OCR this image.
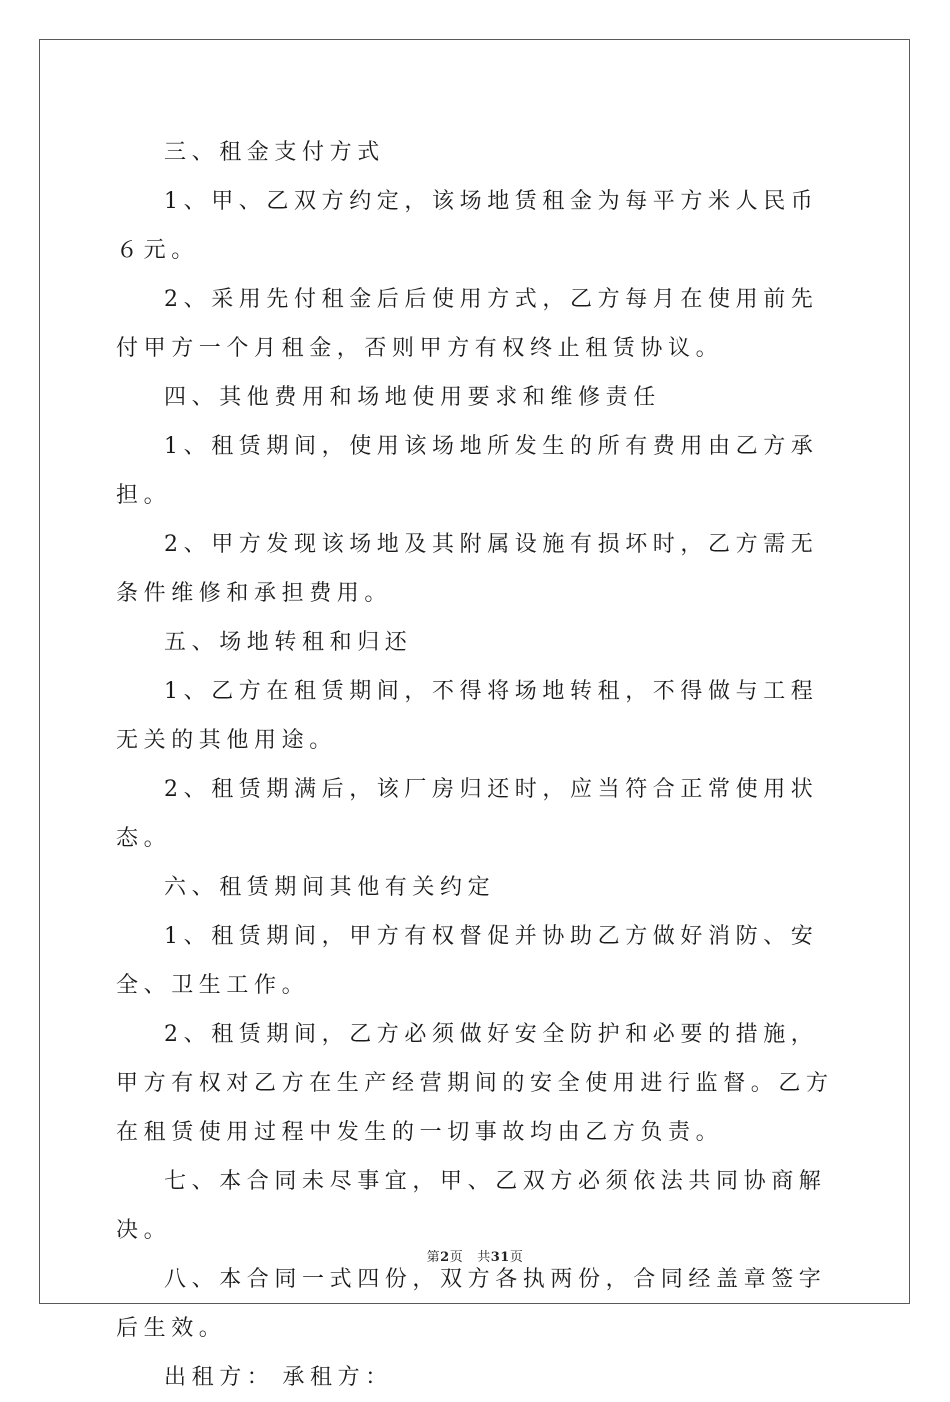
三、租金支付方式

1、甲、乙双方约定，该场地赁租金为每平方米人民币６元。

2、采用先付租金后后使用方式，乙方每月在使用前先付甲方一个月租金，否则甲方有权终止租赁协议。

四、其他费用和场地使用要求和维修责任

1、租赁期间，使用该场地所发生的所有费用由乙方承担。

2、甲方发现该场地及其附属设施有损坏时，乙方需无条件维修和承担费用。

五、场地转租和归还

1、乙方在租赁期间，不得将场地转租，不得做与工程无关的其他用途。

2、租赁期满后，该厂房归还时，应当符合正常使用状态。

六、租赁期间其他有关约定

1、租赁期间，甲方有权督促并协助乙方做好消防、安全、卫生工作。

2、租赁期间，乙方必须做好安全防护和必要的措施，甲方有权对乙方在生产经营期间的安全使用进行监督。乙方在租赁使用过程中发生的一切事故均由乙方负责。

七、本合同未尽事宜，甲、乙双方必须依法共同协商解决。

八、本合同一式四份，双方各执两份，合同经盖章签字后生效。

出租方： 承租方：

第2页 共31页
